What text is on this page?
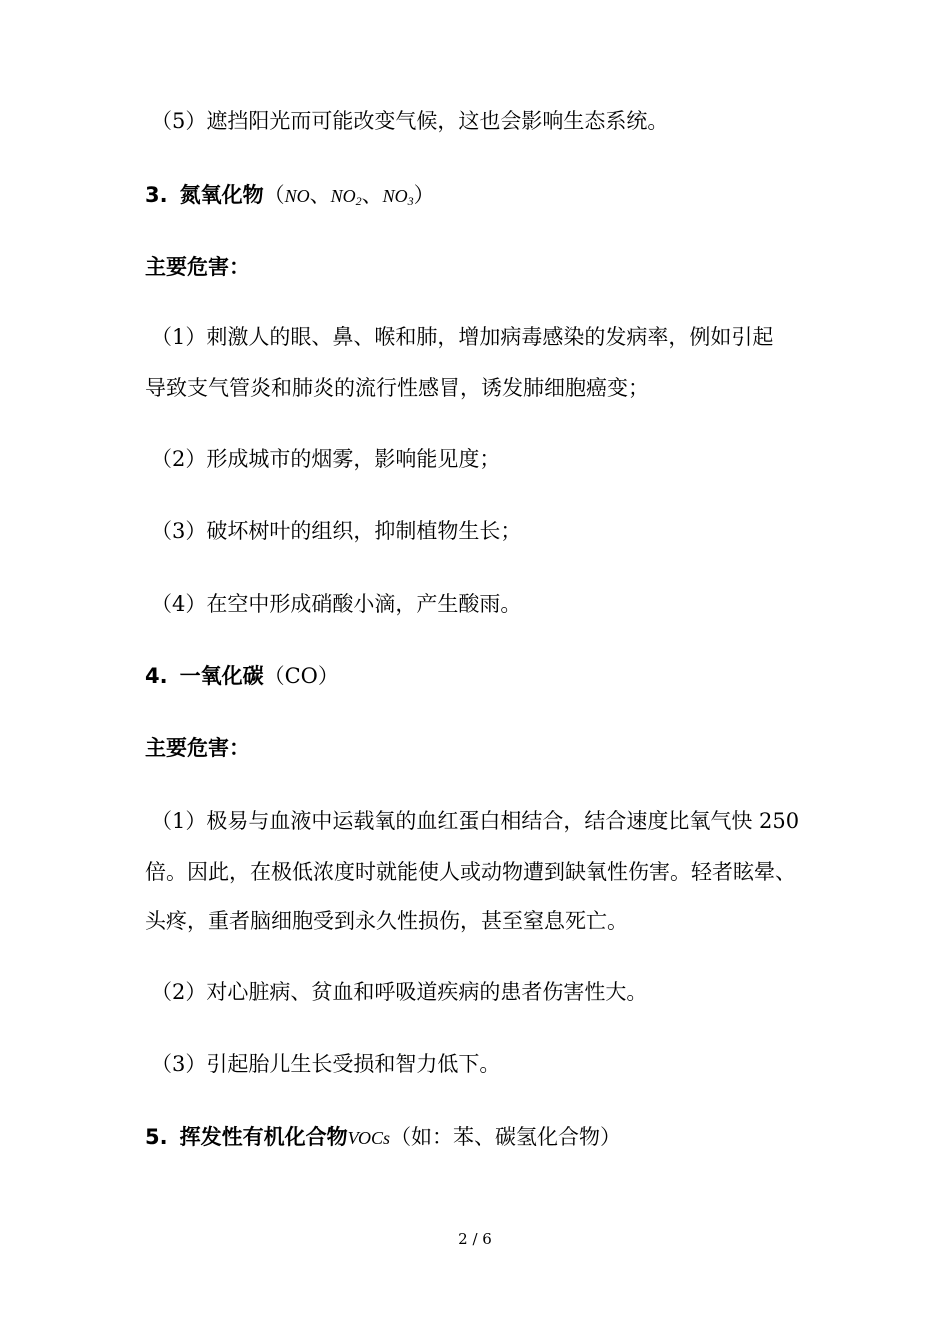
（5）遮挡阳光而可能改变气候，这也会影响生态系统。
3. 氮氧化物（NO、$NO_2$、$NO_3$）
主要危害：
（1）刺激人的眼、鼻、喉和肺，增加病毒感染的发病率，例如引起
导致支气管炎和肺炎的流行性感冒，诱发肺细胞癌变；
（2）形成城市的烟雾，影响能见度；
（3）破坏树叶的组织，抑制植物生长；
（4）在空中形成硝酸小滴，产生酸雨。
4. 一氧化碳（CO）
主要危害：
（1）极易与血液中运载氧的血红蛋白相结合，结合速度比氧气快 250
倍。因此，在极低浓度时就能使人或动物遭到缺氧性伤害。轻者眩晕、
头疼，重者脑细胞受到永久性损伤，甚至窒息死亡。
（2）对心脏病、贫血和呼吸道疾病的患者伤害性大。
（3）引起胎儿生长受损和智力低下。
5. 挥发性有机化合物VOCs（如：苯、碳氢化合物）
2 / 6
